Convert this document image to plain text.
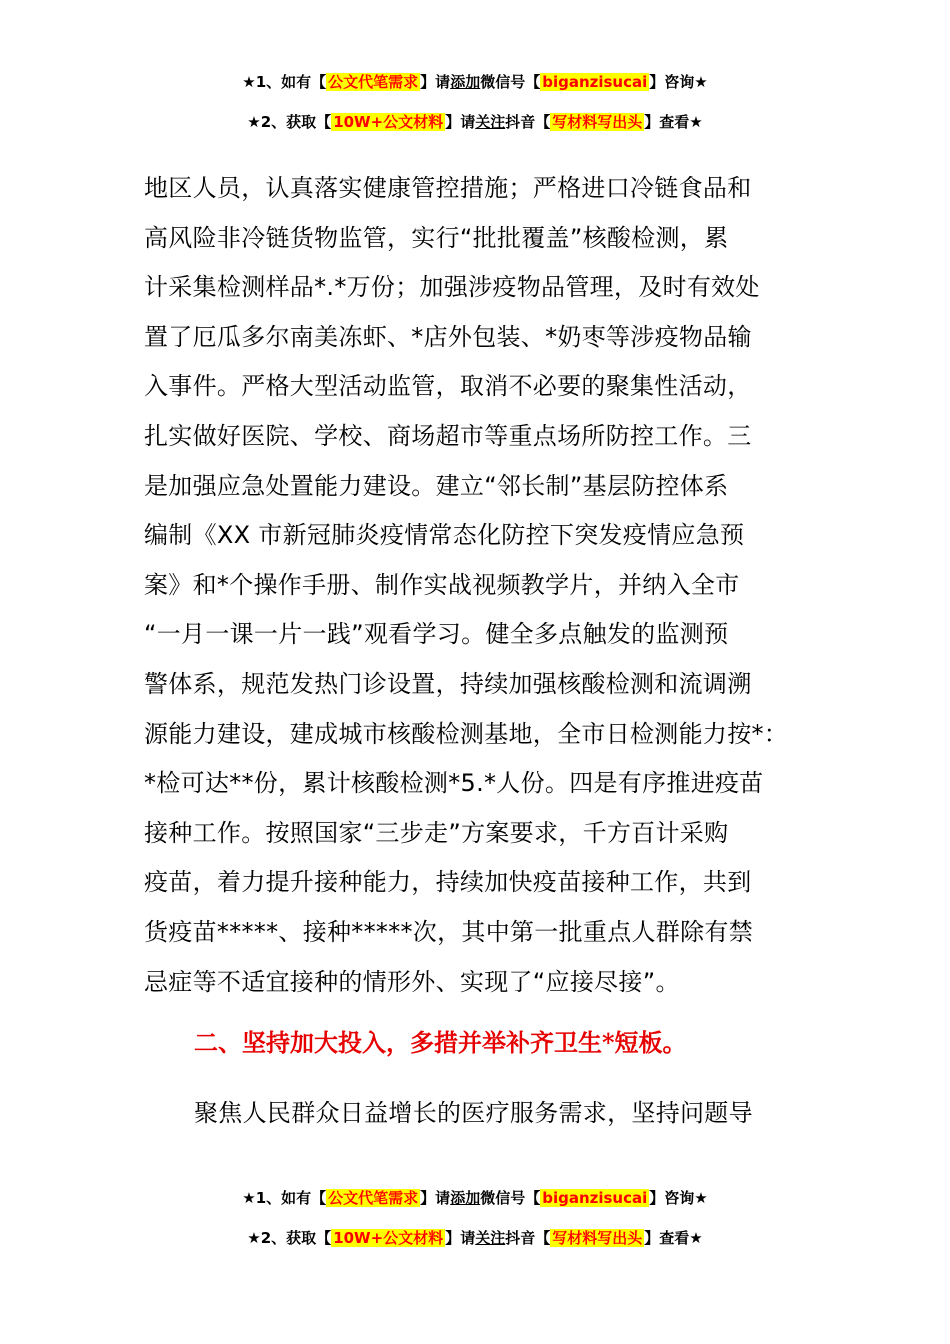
★1、如有【 公文代笔需求 】请添加微信号【 biganzisucai 】咨询★
★2、获取【 10W+公文材料 】请关注抖音【 写材料写出头 】查看★
地区人员，认真落实健康管控措施；严格进口冷链食品和
高风险非冷链货物监管，实行“批批覆盖”核酸检测，累
计采集检测样品*.*万份；加强涉疫物品管理，及时有效处
置了厄瓜多尔南美冻虾、*店外包装、*奶枣等涉疫物品输
入事件。严格大型活动监管，取消不必要的聚集性活动，
扎实做好医院、学校、商场超市等重点场所防控工作。三
是加强应急处置能力建设。建立“邻长制”基层防控体系
编制《XX 市新冠肺炎疫情常态化防控下突发疫情应急预
案》和*个操作手册、制作实战视频教学片，并纳入全市
“一月一课一片一践”观看学习。健全多点触发的监测预
警体系，规范发热门诊设置，持续加强核酸检测和流调溯
源能力建设，建成城市核酸检测基地，全市日检测能力按*：
*检可达**份，累计核酸检测*5.*人份。四是有序推进疫苗
接种工作。按照国家“三步走”方案要求，千方百计采购
疫苗，着力提升接种能力，持续加快疫苗接种工作，共到
货疫苗*****、接种*****次，其中第一批重点人群除有禁
忌症等不适宜接种的情形外、实现了“应接尽接”。
二、坚持加大投入，多措并举补齐卫生*短板。
聚焦人民群众日益增长的医疗服务需求，坚持问题导
★1、如有【 公文代笔需求 】请添加微信号【 biganzisucai 】咨询★
★2、获取【 10W+公文材料 】请关注抖音【 写材料写出头 】查看★
